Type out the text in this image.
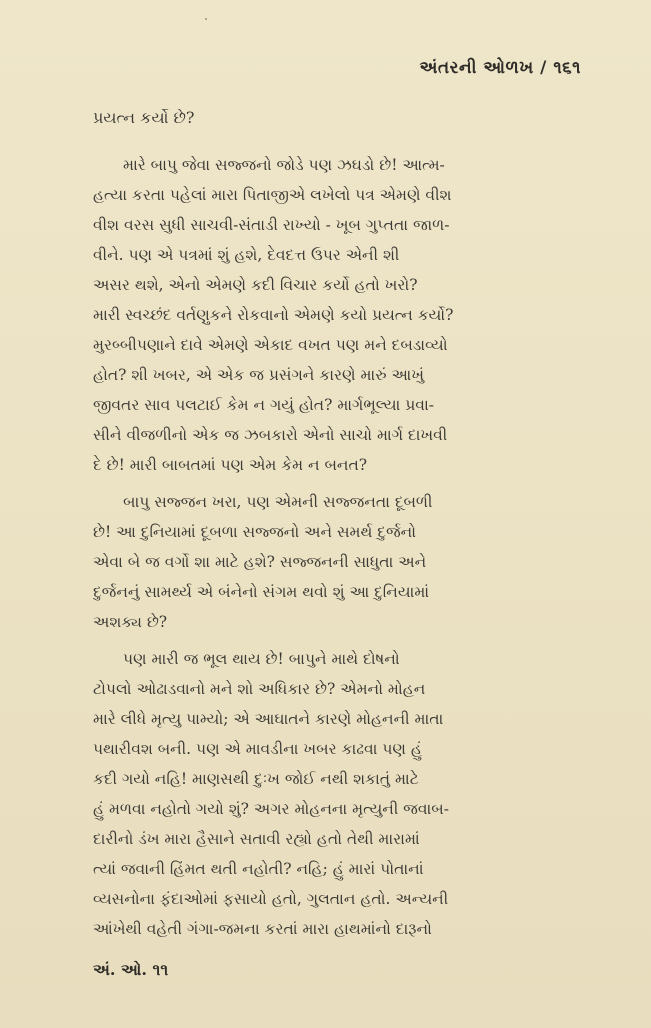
અંતરની ઓળખ / ૧૬૧
પ્રયત્ન કર્યો છે?
મારે બાપુ જેવા સજ્જનો જોડે પણ ઝઘડો છે! આત્મ-
હત્યા કરતા પહેલાં મારા પિતાજીએ લખેલો પત્ર એમણે વીશ
વીશ વરસ સુધી સાચવી-સંતાડી રાખ્યો - ખૂબ ગુપ્તતા જાળ-
વીને. પણ એ પત્રમાં શું હશે, દેવદત્ત ઉપર એની શી
અસર થશે, એનો એમણે કદી વિચાર કર્યો હતો ખરો?
મારી સ્વચ્છંદ વર્તણુકને રોકવાનો એમણે કયો પ્રયત્ન કર્યો?
મુરબ્બીપણાને દાવે એમણે એકાદ વખત પણ મને દબડાવ્યો
હોત? શી ખબર, એ એક જ પ્રસંગને કારણે મારું આખું
જીવતર સાવ પલટાઈ કેમ ન ગયું હોત? માર્ગભૂલ્યા પ્રવા-
સીને વીજળીનો એક જ ઝબકારો એનો સાચો માર્ગ દાખવી
દે છે! મારી બાબતમાં પણ એમ કેમ ન બનત?
બાપુ સજ્જન ખરા, પણ એમની સજ્જનતા દૂબળી
છે! આ દુનિયામાં દૂબળા સજ્જનો અને સમર્થ દુર્જનો
એવા બે જ વર્ગો શા માટે હશે? સજ્જનની સાધુતા અને
દુર્જનનું સામર્થ્ય એ બંનેનો સંગમ થવો શું આ દુનિયામાં
અશક્ય છે?
પણ મારી જ ભૂલ થાય છે! બાપુને માથે દોષનો
ટોપલો ઓઢાડવાનો મને શો અધિકાર છે? એમનો મોહન
મારે લીધે મૃત્યુ પામ્યો; એ આઘાતને કારણે મોહનની માતા
પથારીવશ બની. પણ એ માવડીના ખબર કાઢવા પણ હું
કદી ગયો નહિ! માણસથી દુઃખ જોઈ નથી શકાતું માટે
હું મળવા નહોતો ગયો શું? અગર મોહનના મૃત્યુની જવાબ-
દારીનો ડંખ મારા હૈસાને સતાવી રહ્યો હતો તેથી મારામાં
ત્યાં જવાની હિંમત થતી નહોતી? નહિ; હું મારાં પોતાનાં
વ્યસનોના ફંદાઓમાં ફસાયો હતો, ગુલતાન હતો. અન્યની
આંખેથી વહેતી ગંગા-જમના કરતાં મારા હાથમાંનો દારૂનો
અં. ઓ. ૧૧
